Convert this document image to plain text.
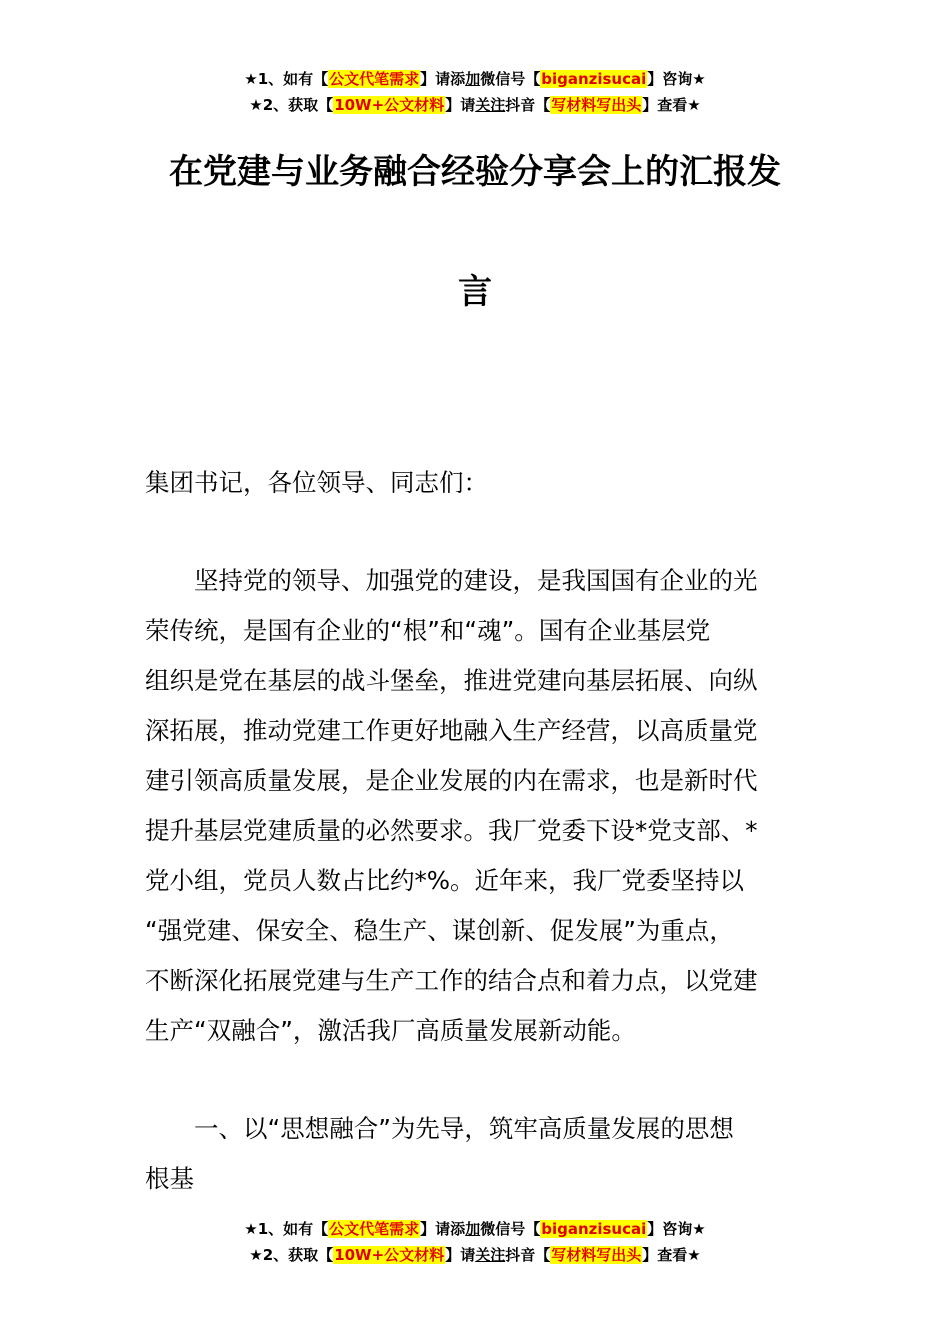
★1、如有【公文代笔需求】请添加微信号【biganzisucai】咨询★
★2、获取【10W+公文材料】请关注抖音【写材料写出头】查看★
在党建与业务融合经验分享会上的汇报发
言
集团书记，各位领导、同志们：
　　坚持党的领导、加强党的建设，是我国国有企业的光
荣传统，是国有企业的“根”和“魂”。国有企业基层党
组织是党在基层的战斗堡垒，推进党建向基层拓展、向纵
深拓展，推动党建工作更好地融入生产经营，以高质量党
建引领高质量发展，是企业发展的内在需求，也是新时代
提升基层党建质量的必然要求。我厂党委下设*党支部、*
党小组，党员人数占比约*%。近年来，我厂党委坚持以
“强党建、保安全、稳生产、谋创新、促发展”为重点，
不断深化拓展党建与生产工作的结合点和着力点，以党建
生产“双融合”，激活我厂高质量发展新动能。
　　一、以“思想融合”为先导，筑牢高质量发展的思想
根基
★1、如有【公文代笔需求】请添加微信号【biganzisucai】咨询★
★2、获取【10W+公文材料】请关注抖音【写材料写出头】查看★
